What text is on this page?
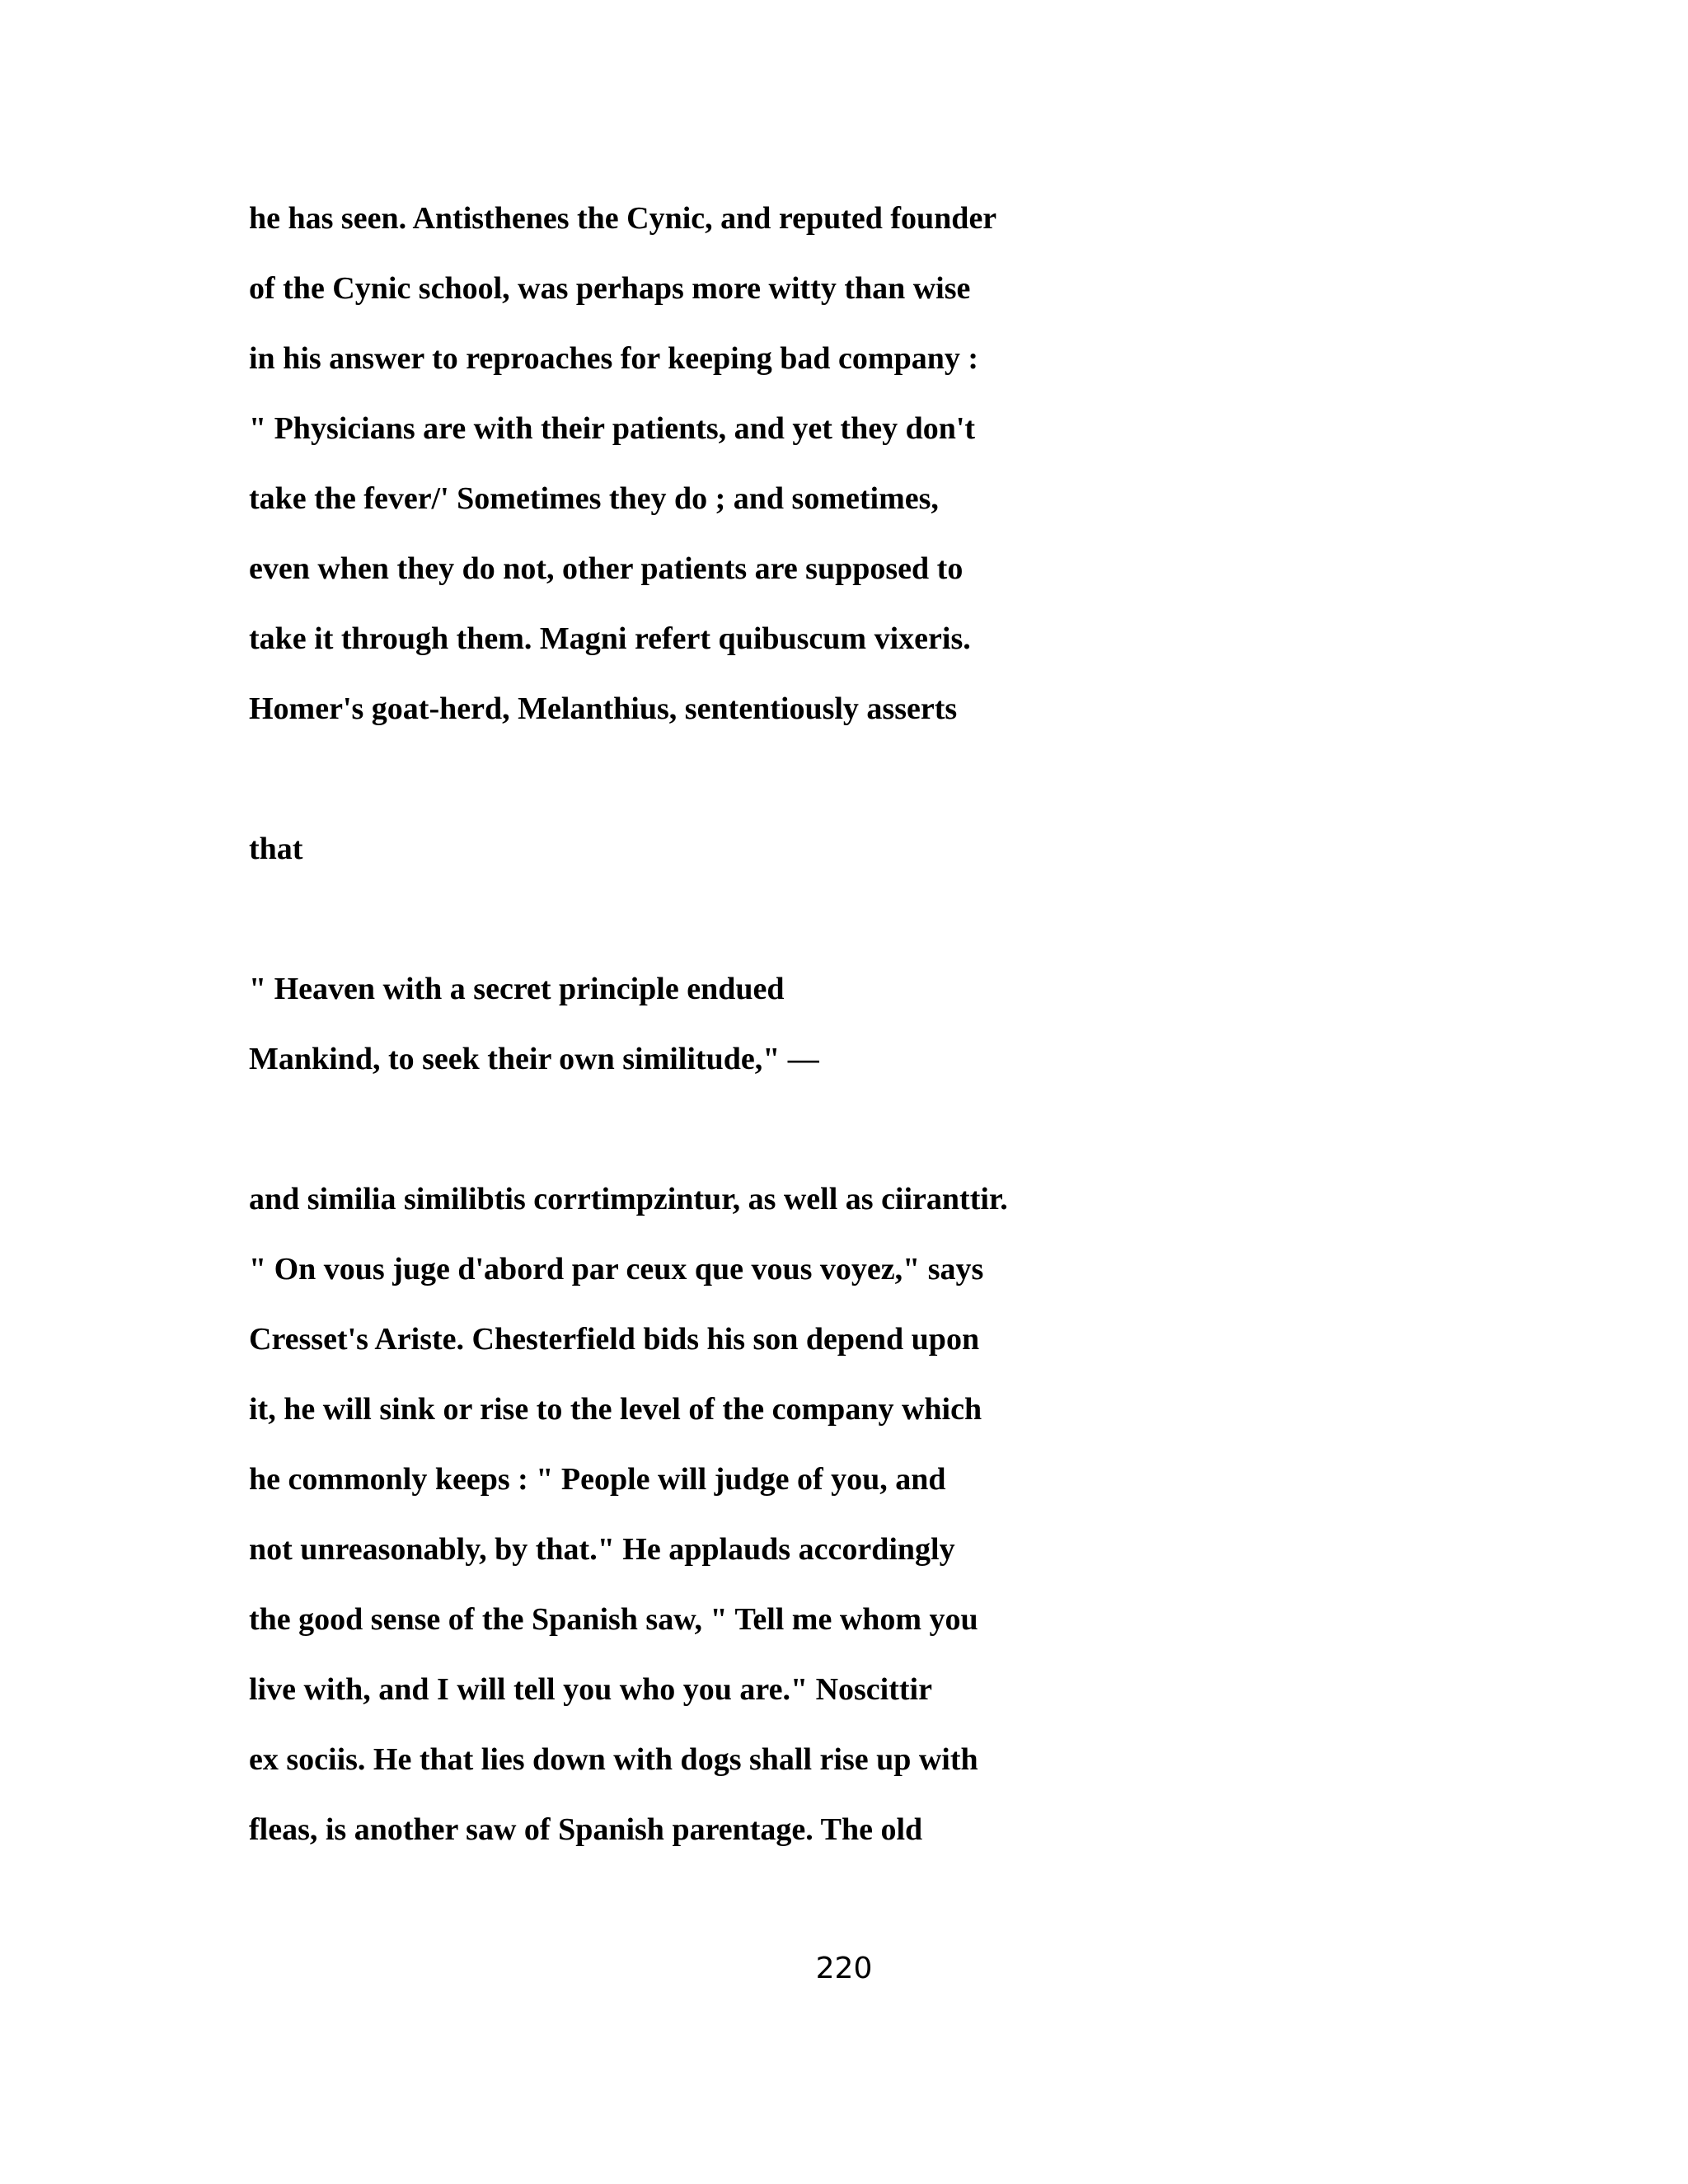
he has seen. Antisthenes the Cynic, and reputed founder

of the Cynic school, was perhaps more witty than wise

in his answer to reproaches for keeping bad company :

" Physicians are with their patients, and yet they don't

take the fever/' Sometimes they do ; and sometimes,

even when they do not, other patients are supposed to

take it through them. Magni refert quibuscum vixeris.

Homer's goat-herd, Melanthius, sententiously asserts

that

" Heaven with a secret principle endued

Mankind, to seek their own similitude," —

and similia similibtis corrtimpzintur, as well as ciiranttir.

" On vous juge d'abord par ceux que vous voyez," says

Cresset's Ariste. Chesterfield bids his son depend upon

it, he will sink or rise to the level of the company which

he commonly keeps : " People will judge of you, and

not unreasonably, by that." He applauds accordingly

the good sense of the Spanish saw, " Tell me whom you

live with, and I will tell you who you are." Noscittir

ex sociis. He that lies down with dogs shall rise up with

fleas, is another saw of Spanish parentage. The old

220
